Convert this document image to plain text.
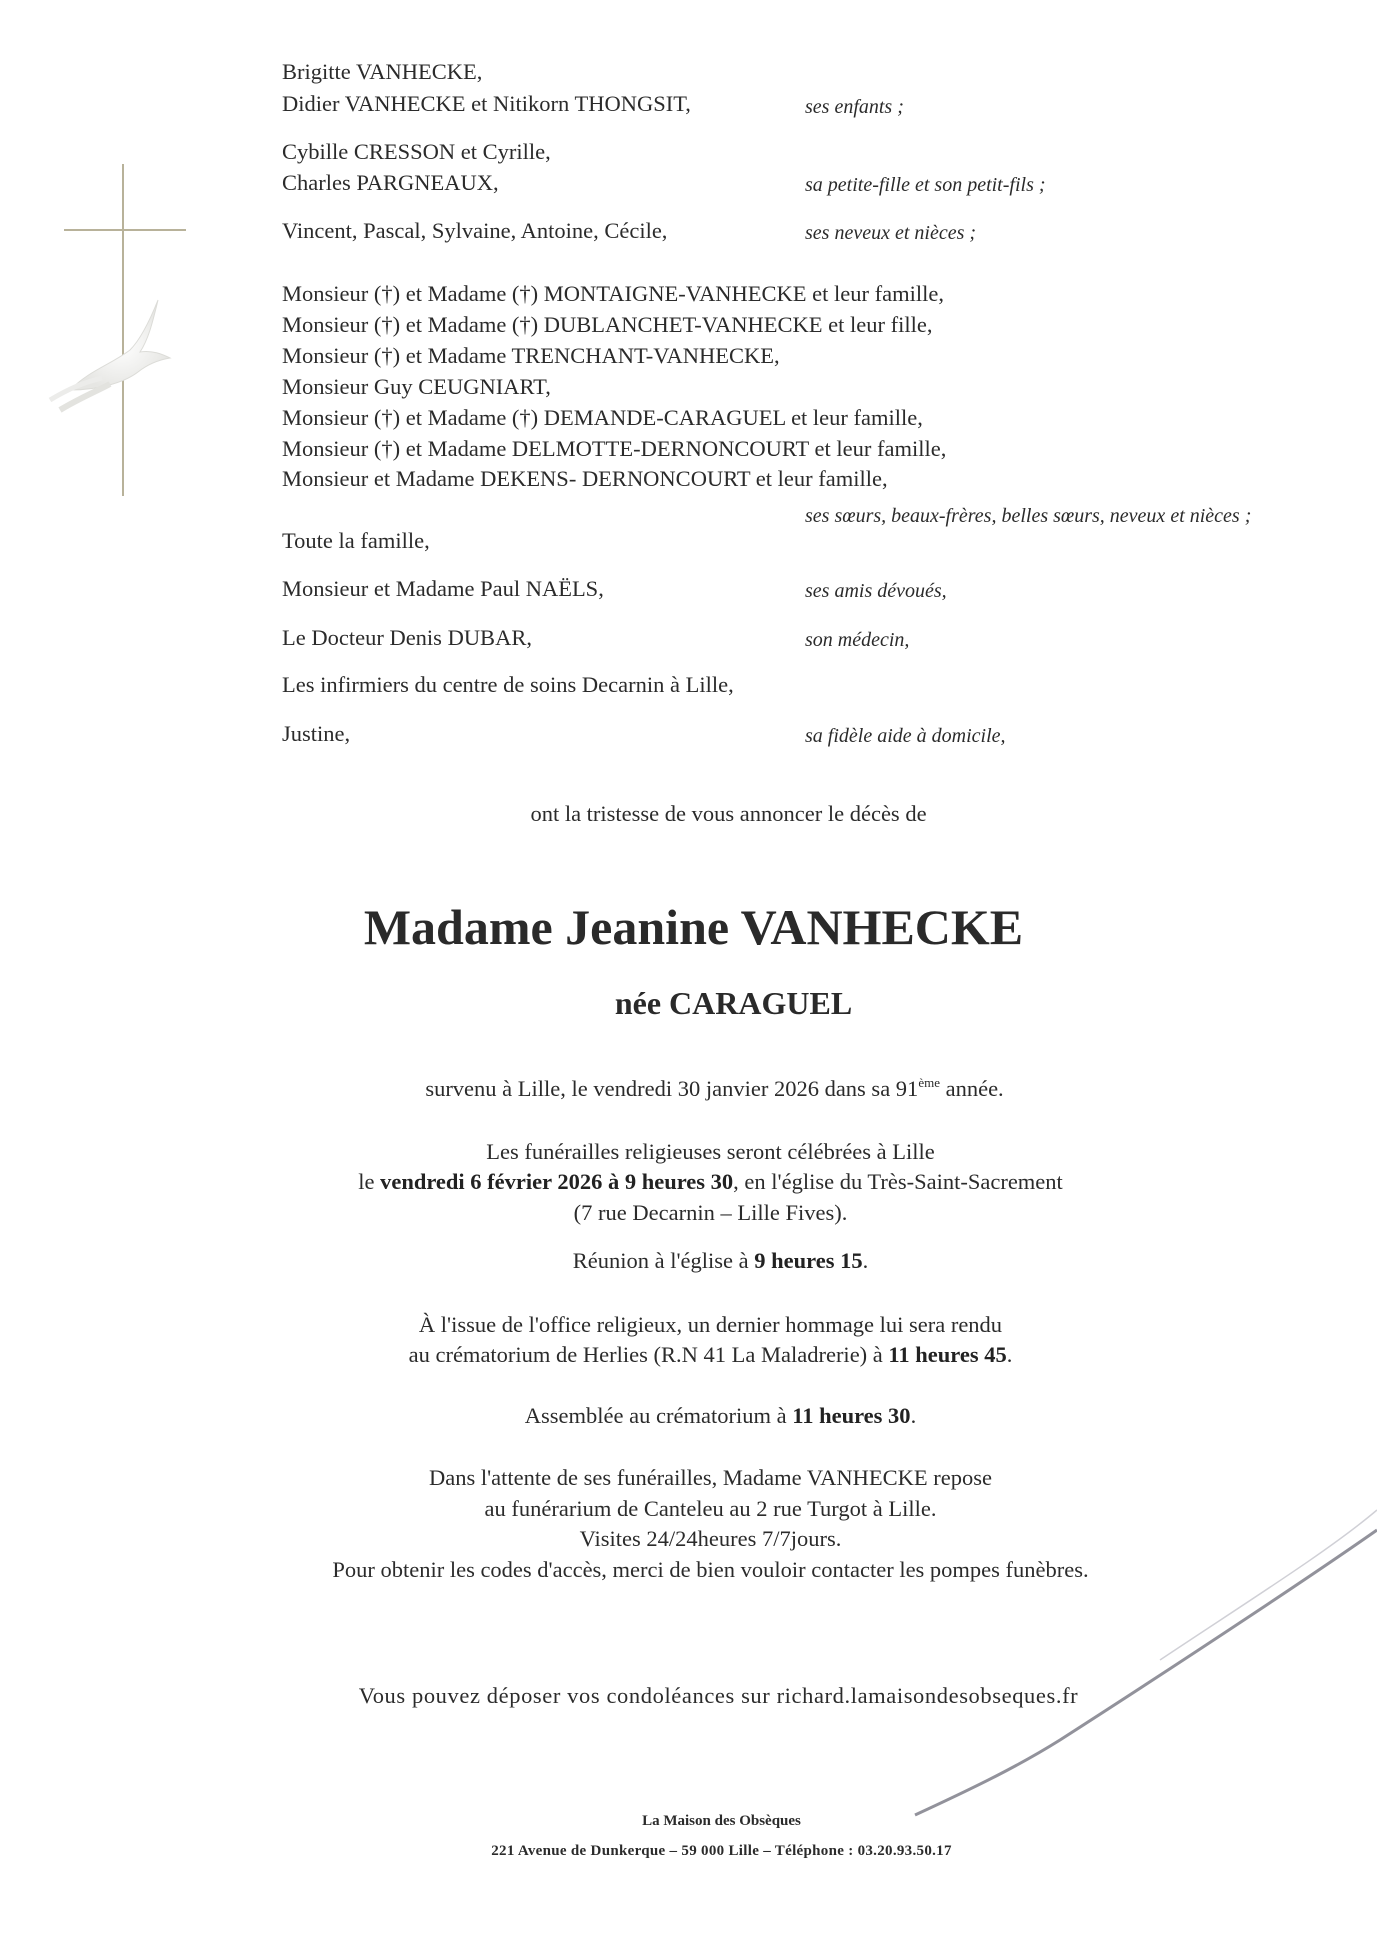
Brigitte VANHECKE,
Didier VANHECKE et Nitikorn THONGSIT,	ses enfants ;
Cybille CRESSON et Cyrille,
Charles PARGNEAUX,	sa petite-fille et son petit-fils ;
Vincent, Pascal, Sylvaine, Antoine, Cécile,	ses neveux et nièces ;
Monsieur (†) et Madame (†) MONTAIGNE-VANHECKE et leur famille,
Monsieur (†) et Madame (†) DUBLANCHET-VANHECKE et leur fille,
Monsieur (†) et Madame TRENCHANT-VANHECKE,
Monsieur Guy CEUGNIART,
Monsieur (†) et Madame (†) DEMANDE-CARAGUEL et leur famille,
Monsieur (†) et Madame DELMOTTE-DERNONCOURT et leur famille,
Monsieur et Madame DEKENS- DERNONCOURT et leur famille,
ses sœurs, beaux-frères, belles sœurs, neveux et nièces ;
Toute la famille,
Monsieur et Madame Paul NAËLS,	ses amis dévoués,
Le Docteur Denis DUBAR,	son médecin,
Les infirmiers du centre de soins Decarnin à Lille,
Justine,	sa fidèle aide à domicile,
ont la tristesse de vous annoncer le décès de
Madame Jeanine VANHECKE
née CARAGUEL
survenu à Lille, le vendredi 30 janvier 2026 dans sa 91ème année.
Les funérailles religieuses seront célébrées à Lille
le vendredi 6 février 2026 à 9 heures 30, en l'église du Très-Saint-Sacrement
(7 rue Decarnin – Lille Fives).
Réunion à l'église à 9 heures 15.
À l'issue de l'office religieux, un dernier hommage lui sera rendu
au crématorium de Herlies (R.N 41 La Maladrerie) à 11 heures 45.
Assemblée au crématorium à 11 heures 30.
Dans l'attente de ses funérailles, Madame VANHECKE repose
au funérarium de Canteleu au 2 rue Turgot à Lille.
Visites 24/24heures 7/7jours.
Pour obtenir les codes d'accès, merci de bien vouloir contacter les pompes funèbres.
Vous pouvez déposer vos condoléances sur richard.lamaisondesobseques.fr
La Maison des Obsèques
221 Avenue de Dunkerque – 59 000 Lille – Téléphone : 03.20.93.50.17
